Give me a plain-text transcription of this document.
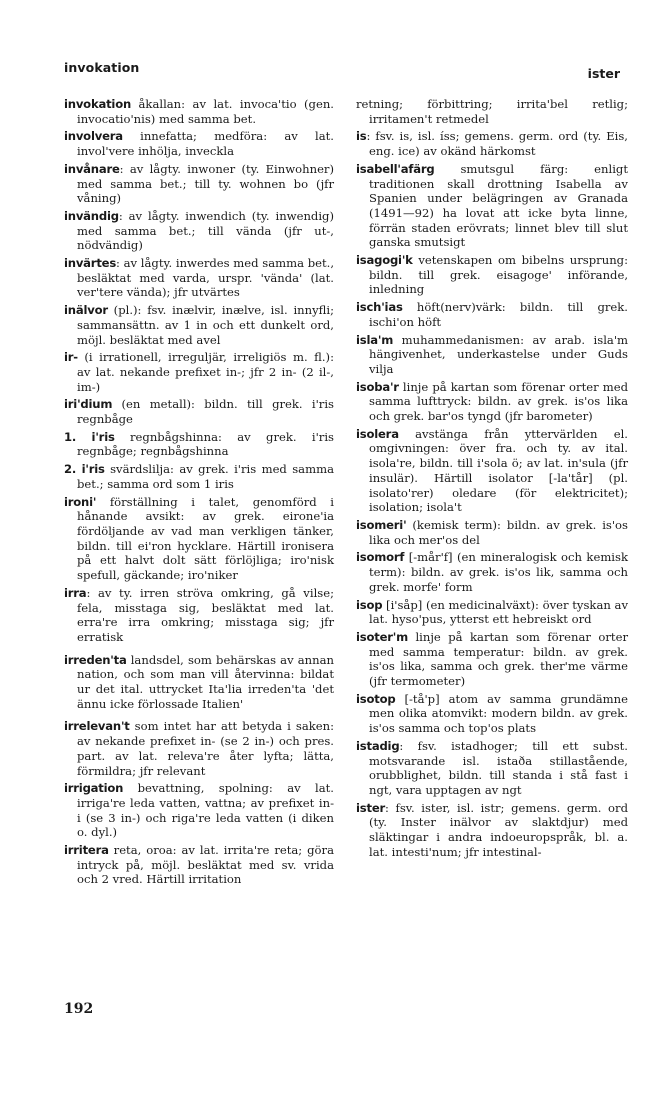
invokation	ister

invokation åkallan: av lat. invoca'tio (gen. invocatio'nis) med samma bet.

involvera innefatta; medföra: av lat. invol'vere inhölja, inveckla

invånare: av lågty. inwoner (ty. Einwohner) med samma bet.; till ty. wohnen bo (jfr våning)

invändig: av lågty. inwendich (ty. inwendig) med samma bet.; till vända (jfr ut-, nödvändig)

invärtes: av lågty. inwerdes med samma bet., besläktat med varda, urspr. 'vända' (lat. ver'tere vända); jfr utvärtes

inälvor (pl.): fsv. inælvir, inælve, isl. innyfli; sammansättn. av 1 in och ett dunkelt ord, möjl. besläktat med avel

ir- (i irrationell, irreguljär, irreligiös m. fl.): av lat. nekande prefixet in-; jfr 2 in- (2 il-, im-)

iri'dium (en metall): bildn. till grek. i'ris regnbåge

1. i'ris regnbågshinna: av grek. i'ris regnbåge; regnbågshinna

2. i'ris svärdslilja: av grek. i'ris med samma bet.; samma ord som 1 iris

ironi' förställning i talet, genomförd i hånande avsikt: av grek. eirone'ia fördöljande av vad man verkligen tänker, bildn. till ei'ron hycklare. Härtill ironisera på ett halvt dolt sätt förlöjliga; iro'nisk spefull, gäckande; iro'niker

irra: av ty. irren ströva omkring, gå vilse; fela, misstaga sig, besläktat med lat. erra're irra omkring; misstaga sig; jfr erratisk

irreden'ta landsdel, som behärskas av annan nation, och som man vill återvinna: bildat ur det ital. uttrycket Ita'lia irreden'ta 'det ännu icke förlossade Italien'

irrelevan't som intet har att betyda i saken: av nekande prefixet in- (se 2 in-) och pres. part. av lat. releva're åter lyfta; lätta, förmildra; jfr relevant

irrigation bevattning, spolning: av lat. irriga're leda vatten, vattna; av prefixet in- i (se 3 in-) och riga're leda vatten (i diken o. dyl.)

irritera reta, oroa: av lat. irrita're reta; göra intryck på, möjl. besläktat med sv. vrida och 2 vred. Härtill irritation

retning; förbittring; irrita'bel retlig; irritamen't retmedel

is: fsv. is, isl. íss; gemens. germ. ord (ty. Eis, eng. ice) av okänd härkomst

isabell'afärg smutsgul färg: enligt traditionen skall drottning Isabella av Spanien under belägringen av Granada (1491—92) ha lovat att icke byta linne, förrän staden erövrats; linnet blev till slut ganska smutsigt

isagogi'k vetenskapen om bibelns ursprung: bildn. till grek. eisagoge' införande, inledning

isch'ias höft(nerv)värk: bildn. till grek. ischi'on höft

isla'm muhammedanismen: av arab. isla'm hängivenhet, underkastelse under Guds vilja

isoba'r linje på kartan som förenar orter med samma lufttryck: bildn. av grek. is'os lika och grek. bar'os tyngd (jfr barometer)

isolera avstänga från yttervärlden el. omgivningen: över fra. och ty. av ital. isola're, bildn. till i'sola ö; av lat. in'sula (jfr insulär). Härtill isolator [-la'tår] (pl. isolato'rer) oledare (för elektricitet); isolation; isola't

isomeri' (kemisk term): bildn. av grek. is'os lika och mer'os del

isomorf [-mår'f] (en mineralogisk och kemisk term): bildn. av grek. is'os lik, samma och grek. morfe' form

isop [i'såp] (en medicinalväxt): över tyskan av lat. hyso'pus, ytterst ett hebreiskt ord

isoter'm linje på kartan som förenar orter med samma temperatur: bildn. av grek. is'os lika, samma och grek. ther'me värme (jfr termometer)

isotop [-tå'p] atom av samma grundämne men olika atomvikt: modern bildn. av grek. is'os samma och top'os plats

istadig: fsv. istadhoger; till ett subst. motsvarande isl. istaða stillastående, orubblighet, bildn. till standa i stå fast i ngt, vara upptagen av ngt

ister: fsv. ister, isl. istr; gemens. germ. ord (ty. Inster inälvor av slaktdjur) med släktingar i andra indoeuropspråk, bl. a. lat. intesti'num; jfr intestinal-

192
